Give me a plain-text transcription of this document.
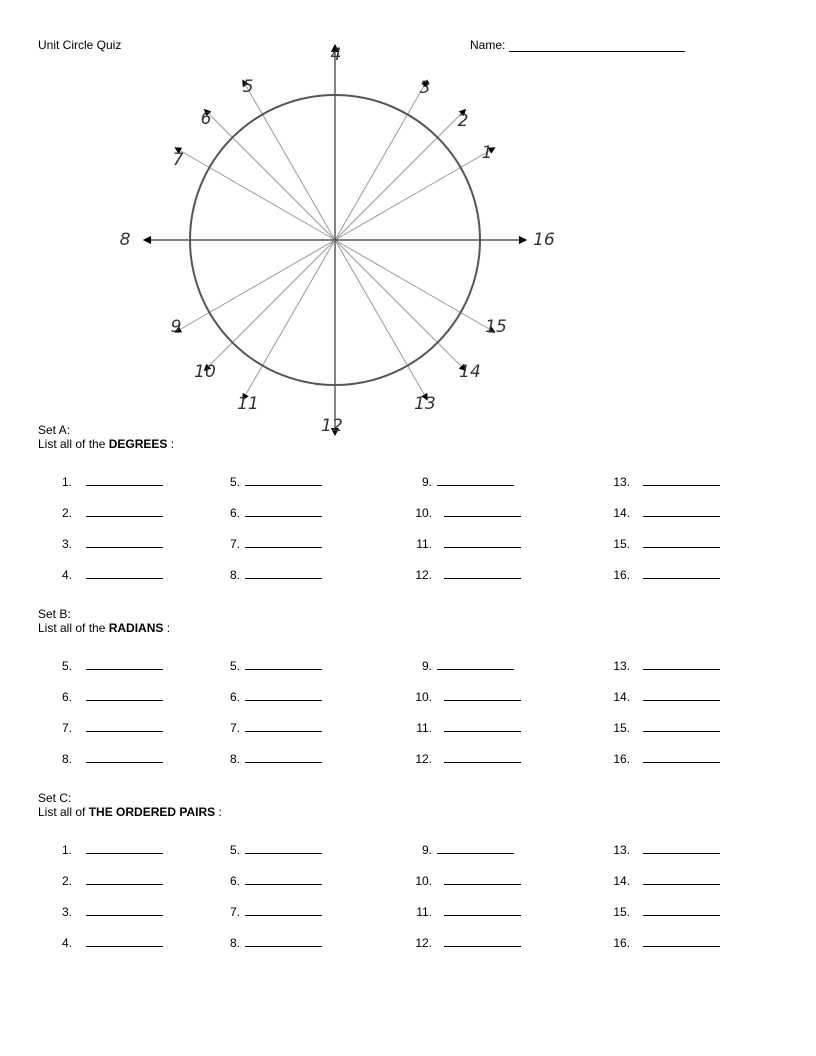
Unit Circle Quiz	Name:
1
2
3
4
5
6
7
8
9
10
11
12
13
14
15
16
Set A:
List all of the DEGREES :
1.
2.
3.
4.
5.
6.
7.
8.
9.
10.
11.
12.
13.
14.
15.
16.
Set B:
List all of the RADIANS :
5.
6.
7.
8.
5.
6.
7.
8.
9.
10.
11.
12.
13.
14.
15.
16.
Set C:
List all of THE ORDERED PAIRS :
1.
2.
3.
4.
5.
6.
7.
8.
9.
10.
11.
12.
13.
14.
15.
16.
